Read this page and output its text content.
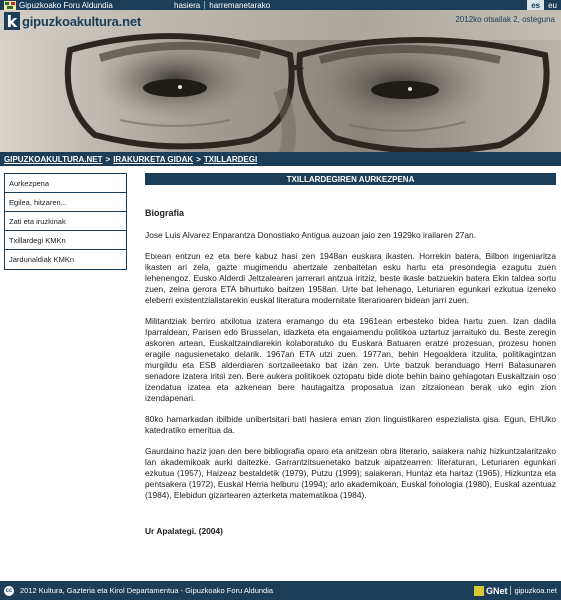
Gipuzkoako Foru Aldundia	hasiera	harremanetarako	es	eu
k gipuzkoakultura.net	2012ko otsailak 2, osteguna
GIPUZKOAKULTURA.NET > IRAKURKETA GIDAK > TXILLARDEGI
Aurkezpena
Egilea, hitzaren...
Zati eta iruzkinak
Txillardegi KMKn
Jardunaldiak KMKn
TXILLARDEGIREN AURKEZPENA
Biografia

Jose Luis Alvarez Enparantza Donostiako Antigua auzoan jaio zen 1929ko irailaren 27an.

Etxean entzun ez eta bere kabuz hasi zen 1948an euskara ikasten. Horrekin batera, Bilbon ingeniaritza ikasten ari zela, gazte mugimendu abertzale zenbaitetan esku hartu eta presondegia ezagutu zuen lehenengoz. Eusko Alderdi Jeltzalearen jarrerari antzua iritziz, beste ikasle batzuekin batera Ekin taldea sortu zuen, zeina gerora ETA bihurtuko baitzen 1958an. Urte bat lehenago, Leturiaren egunkari ezkutua izeneko eleberri existentzialistarekin euskal literatura modernitate literarioaren bidean jarri zuen.

Militantziak berriro atxilotua izatera eramango du eta 1961ean erbesteko bidea hartu zuen. Izan dadila Iparraldean, Parisen edo Brusselan, idazketa eta engaiamendu politikoa uztartuz jarraituko du. Beste zeregin askoren artean, Euskaltzaindiarekin kolaboratuko du Euskara Batuaren eratze prozesuan, prozesu honen eragile nagusienetako delarik. 1967an ETA utzi zuen. 1977an, behin Hegoaldera itzulita, politikagintzan murgildu eta ESB alderdiaren sortzaileetako bat izan zen. Urte batzuk beranduago Herri Batasunaren senadore izatera iritsi zen. Bere aukera politikoek oztopatu bide diote behin baino gehiagotan Euskaltzain oso izendatua izatea eta azkenean bere hautagaitza proposatua izan zitzaionean berak uko egin zion izendapenari.

80ko hamarkadan ibilbide unibertsitari bati hasiera eman zion linguistikaren espezialista gisa. Egun, EHUko katedratiko emeritua da.

Gaurdaino haziz joan den bere bibliografia oparo eta anitzean obra literario, saiakera nahiz hizkuntzalaritzako lan akademikoak aurki daitezke. Garrantzitsuenetako batzuk aipatzearren: literaturan, Leturiaren egunkari ezkutua (1957), Haizeaz bestaldetik (1979), Putzu (1999); saiakeran, Huntaz eta hartaz (1965), Hizkuntza eta pentsakera (1972), Euskal Herria helburu (1994); arlo akademikoan, Euskal fonologia (1980), Euskal azentuaz (1984), Elebidun gizartearen azterketa matematikoa (1984).

Ur Apalategi. (2004)
cc 2012 Kultura, Gazteria eta Kirol Departamentua - Gipuzkoako Foru Aldundia	GNet gipuzkoa.net
